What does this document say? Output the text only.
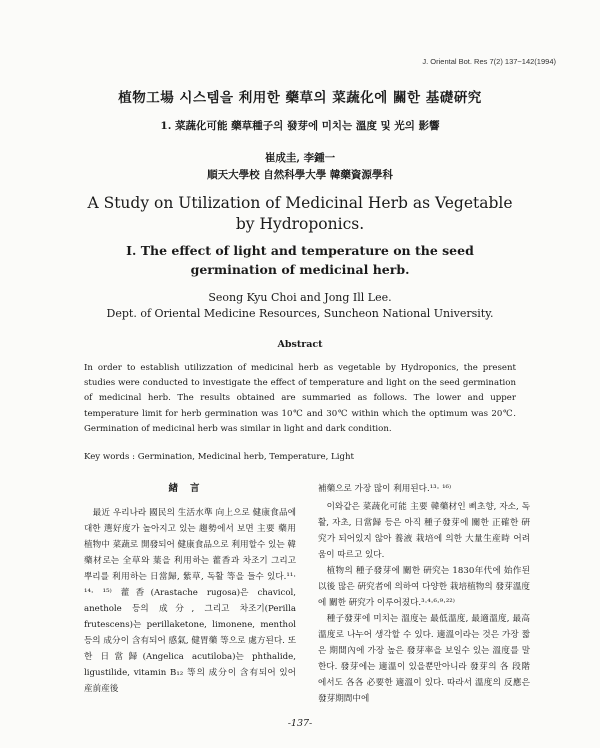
J. Oriental Bot. Res 7(2) 137~142(1994)
植物工場 시스템을 利用한 藥草의 菜蔬化에 關한 基礎硏究
1. 菜蔬化可能 藥草種子의 發芽에 미치는 溫度 및 光의 影響
崔成圭, 李鍾一
順天大學校 自然科學大學 韓藥資源學科
A Study on Utilization of Medicinal Herb as Vegetable by Hydroponics.
Ⅰ. The effect of light and temperature on the seed germination of medicinal herb.
Seong Kyu Choi and Jong Ill Lee.
Dept. of Oriental Medicine Resources, Suncheon National University.
Abstract
In order to establish utilizzation of medicinal herb as vegetable by Hydroponics, the present studies were conducted to investigate the effect of temperature and light on the seed germination of medicinal herb. The results obtained are summaried as follows. The lower and upper temperature limit for herb germination was 10℃ and 30℃ within which the optimum was 20℃. Germination of medicinal herb was similar in light and dark condition.
Key words : Germination, Medicinal herb, Temperature, Light
緖言

最近 우리나라 國民의 生活水準 向上으로 健康食品에 대한 選好度가 높아지고 있는 趨勢에서 보면 主要 藥用植物中 菜蔬로 開發되어 健康食品으로 利用할수 있는 韓藥材로는 全草와 葉을 利用하는 藿香과 차조기 그리고 뿌리를 利用하는 日當歸, 紫草, 독활 等을 들수 있다.¹¹· ¹⁴· ¹⁵⁾ 藿香(Arastache rugosa)은 chavicol, anethole 등의 成分, 그리고 차조기(Perilla frutescens)는 perillaketone, limonene, menthol 등의 成分이 含有되어 感氣, 健胃藥 等으로 處方된다. 또한 日當歸(Angelica acutiloba)는 phthalide, ligustilide, vitamin B₁₂ 等의 成分이 含有되어 있어 産前産後

補藥으로 가장 많이 利用된다.¹³· ¹⁶⁾

이와같은 菜蔬化可能 主要 韓藥材인 삐초향, 자소, 독활, 자초, 日當歸 등은 아직 種子發芽에 關한 正確한 硏究가 되어있지 않아 養液 栽培에 의한 大量生産時 어려움이 따르고 있다.

植物의 種子發芽에 關한 硏究는 1830年代에 始作된 以後 많은 硏究者에 의하여 다양한 栽培植物의 發芽溫度에 關한 硏究가 이루어졌다.³·⁴·⁶·⁹·²²⁾

種子發芽에 미치는 溫度는 最低溫度, 最適溫度, 最高溫度로 나누어 생각할 수 있다. 適溫이라는 것은 가장 짧은 期間內에 가장 높은 發芽率을 보일수 있는 溫度를 말한다. 發芽에는 適溫이 있을뿐만아니라 發芽의 各 段階에서도 各各 必要한 適溫이 있다. 따라서 溫度의 反應은 發芽期間中에

-137-
